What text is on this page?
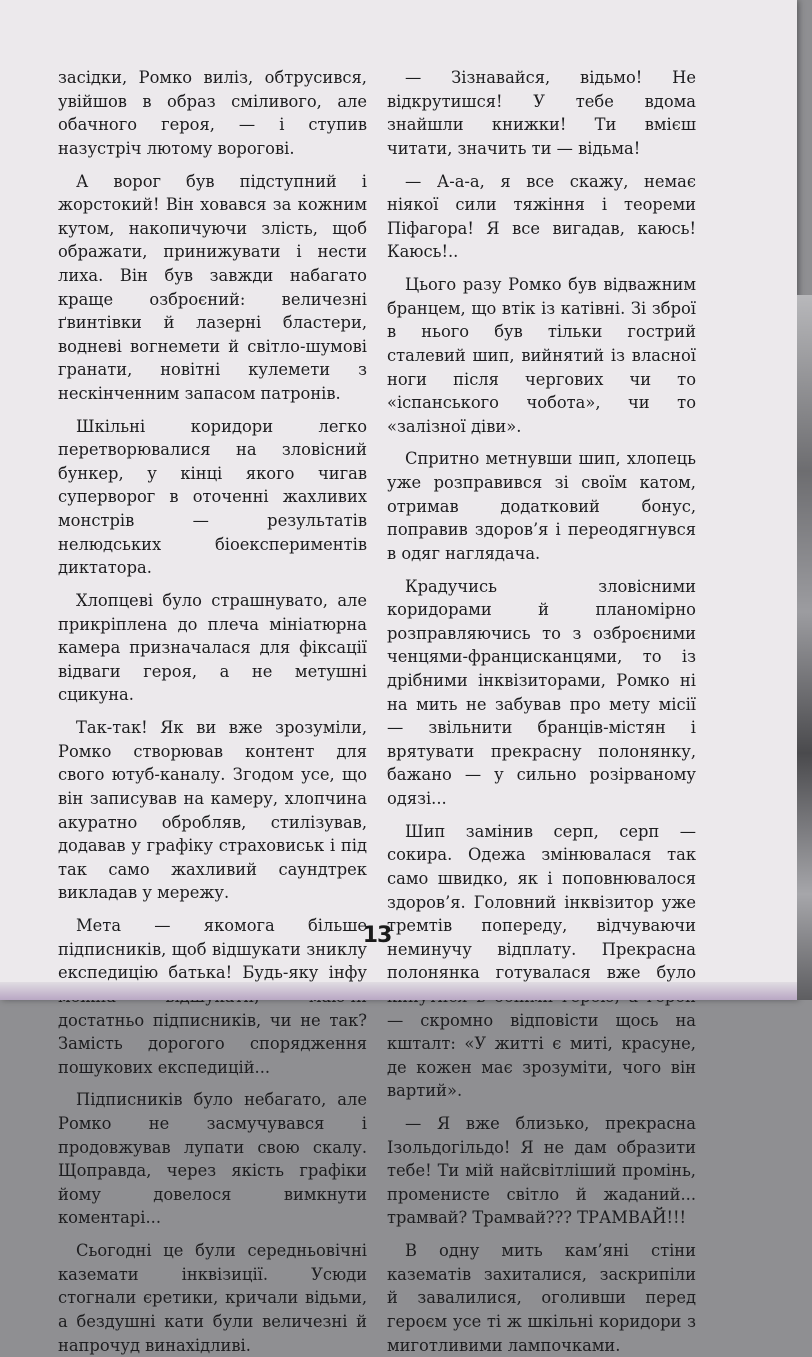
засідки, Ромко виліз, обтрусився, увійшов в образ сміливого, але обачного героя, — і ступив назустріч лютому ворогові.

А ворог був підступний і жорстокий! Він ховався за кожним кутом, накопичуючи злість, щоб ображати, принижувати і нести лиха. Він був завжди набагато краще озброєний: величезні ґвинтівки й лазерні бластери, водневі вогнемети й світло-шумові гранати, новітні кулемети з нескінченним запасом патронів.

Шкільні коридори легко перетворювалися на зловісний бункер, у кінці якого чигав суперворог в оточенні жахливих монстрів — результатів нелюдських біоекспериментів диктатора.

Хлопцеві було страшнувато, але прикріплена до плеча мініатюрна камера призначалася для фіксації відваги героя, а не метушні сцикуна.

Так-так! Як ви вже зрозуміли, Ромко створював контент для свого ютуб-каналу. Згодом усе, що він записував на камеру, хлопчина акуратно обробляв, стилізував, додавав у графіку страховиськ і під так само жахливий саундтрек викладав у мережу.

Мета — якомога більше підписників, щоб відшукати зниклу експедицію батька! Будь-яку інфу достатньо підписників, чи не так? Замість дорогого спорядження пошукових експедицій...

Підписників було небагато, але Ромко не засмучувався і продовжував лупати свою скалу. Щоправда, через якість графіки йому довелося вимкнути коментарі...

Сьогодні це були середньовічні каземати інквізиції. Усюди стогнали єретики, кричали відьми, а бездушні кати були величезні й напрочуд винахідливі.

— Зізнавайся, відьмо! Не відкрутишся! У тебе вдома знайшли книжки! Ти вмієш читати, значить ти — відьма!

— А-а-а, я все скажу, немає ніякої сили тяжіння і теореми Піфагора! Я все вигадав, каюсь! Каюсь!..

Цього разу Ромко був відважним бранцем, що втік із катівні. Зі зброї в нього був тільки гострий сталевий шип, вийнятий із власної ноги після чергових чи то «іспанського чобота», чи то «залізної діви».

Спритно метнувши шип, хлопець уже розправився зі своїм катом, отримав додатковий бонус, поправив здоров’я і переодягнувся в одяг наглядача.

Крадучись зловісними коридорами й планомірно розправляючись то з озброєними ченцями-францисканцями, то із дрібними інквізиторами, Ромко ні на мить не забував про мету місії — звільнити бранців-містян і врятувати прекрасну полонянку, бажано — у сильно розірваному одязі...

Шип замінив серп, серп — сокира. Одежа змінювалася так само швидко, як і поповнювалося здоров’я. Головний інквізитор уже тремтів попереду, відчуваючи неминучу відплату. Прекрасна полонянка готувалася вже було — скромно відповісти щось на кшталт: «У житті є миті, красуне, де кожен має зрозуміти, чого він вартий».

— Я вже близько, прекрасна Ізольдогільдо! Я не дам образити тебе! Ти мій найсвітліший промінь, променисте світло й жаданий... трамвай? Трамвай??? ТРАМВАЙ!!!

В одну мить кам’яні стіни казематів захиталися, заскрипіли й завалилися, оголивши перед героєм усе ті ж шкільні коридори з миготливими лампочками.

13
